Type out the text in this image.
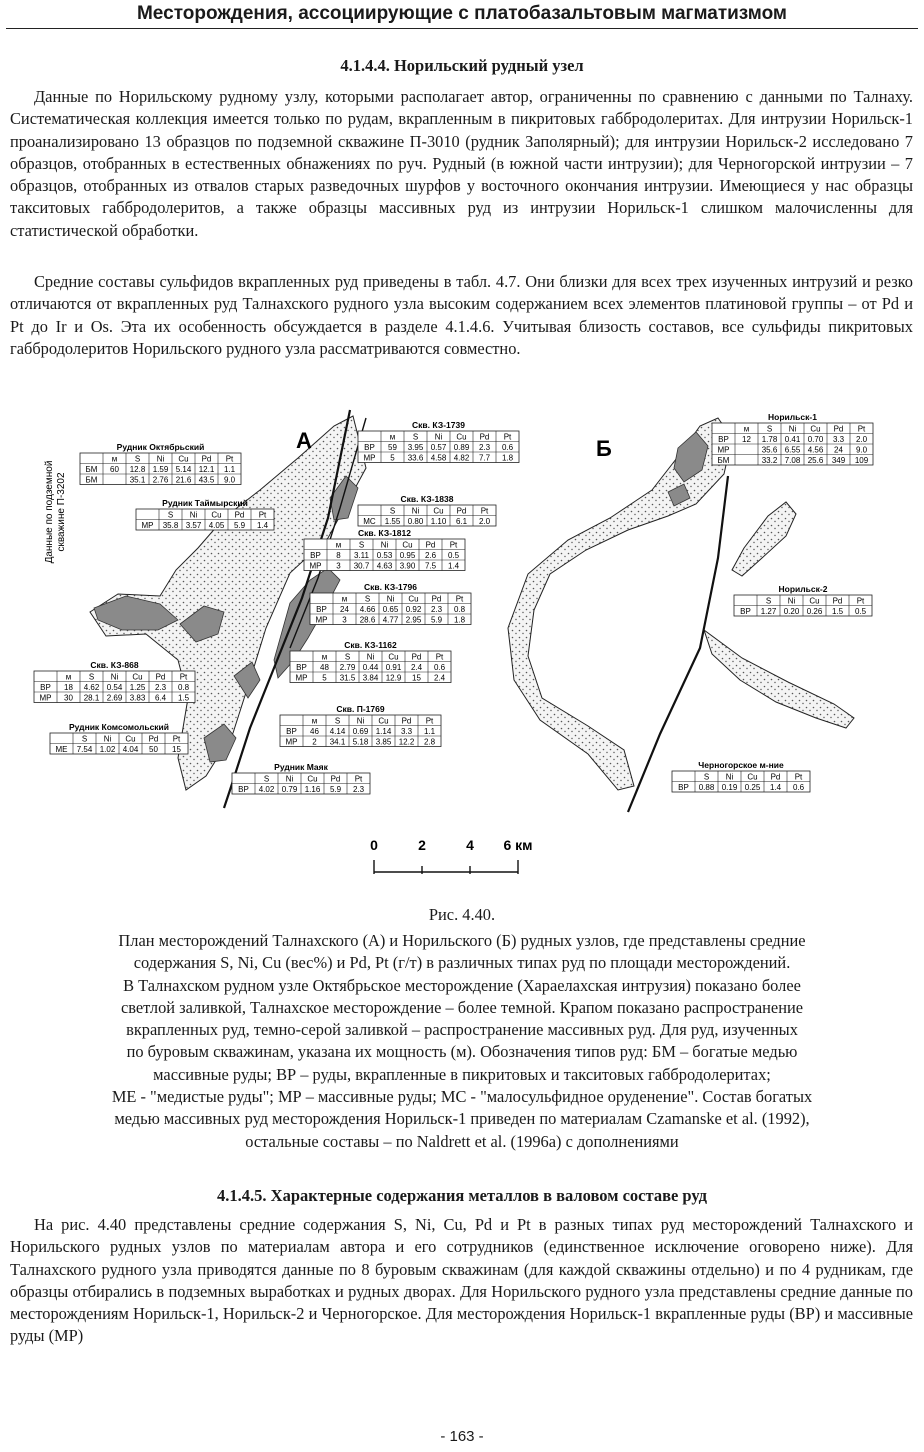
Месторождения, ассоциирующие с платобазальтовым магматизмом
4.1.4.4. Норильский рудный узел

Данные по Норильскому рудному узлу, которыми располагает автор, ограниченны по сравнению с данными по Талнаху. Систематическая коллекция имеется только по рудам, вкрапленным в пикритовых габбродолеритах. Для интрузии Норильск-1 проанализировано 13 образцов по подземной скважине П-3010 (рудник Заполярный); для интрузии Норильск-2 исследовано 7 образцов, отобранных в естественных обнажениях по руч. Рудный (в южной части интрузии); для Черногорской интрузии – 7 образцов, отобранных из отвалов старых разведочных шурфов у восточного окончания интрузии. Имеющиеся у нас образцы такситовых габбродолеритов, а также образцы массивных руд из интрузии Норильск-1 слишком малочисленны для статистической обработки.

Средние составы сульфидов вкрапленных руд приведены в табл. 4.7. Они близки для всех трех изученных интрузий и резко отличаются от вкрапленных руд Талнахского рудного узла высоким содержанием всех элементов платиновой группы – от Pd и Pt до Ir и Os. Эта их особенность обсуждается в разделе 4.1.4.6. Учитывая близость составов, все сульфиды пикритовых габбродолеритов Норильского рудного узла рассматриваются совместно.

0	2	4 6 км
А	Б
Данные по подземной скважине П-3202
Рудник Октябрьский
м S Ni Cu Pd Pt
БМ 60 12.8 1.59 5.14 12.1 1.1
БМ	35.1 2.76 21.6 43.5 9.0
Рудник Таймырский
S Ni Cu Pd Pt
МР 35.8 3.57 4.05 5.9 1.4
Скв. КЗ-1739
м S Ni Cu Pd Pt
ВР 59 3.95 0.57 0.89 2.3 0.6
МР 5 33.6 4.58 4.82 7.7 1.8
Скв. КЗ-1838
S Ni Cu Pd Pt
МС 1.55 0.80 1.10 6.1 2.0
Скв. КЗ-1812
м S Ni Cu Pd Pt
ВР 8 3.11 0.53 0.95 2.6 0.5
МР 3 30.7 4.63 3.90 7.5 1.4
Скв. КЗ-1796
м S Ni Cu Pd Pt
ВР 24 4.66 0.65 0.92 2.3 0.8
МР 3 28.6 4.77 2.95 5.9 1.8
Скв. КЗ-1162
м S Ni Cu Pd Pt
ВР 48 2.79 0.44 0.91 2.4 0.6
МР 5 31.5 3.84 12.9 15 2.4
Скв. КЗ-868
м S Ni Cu Pd Pt
ВР 18 4.62 0.54 1.25 2.3 0.8
МР 30 28.1 2.69 3.83 6.4 1.5
Скв. П-1769
м S Ni Cu Pd Pt
ВР 46 4.14 0.69 1.14 3.3 1.1
МР 2 34.1 5.18 3.85 12.2 2.8
Рудник Комсомольский
S Ni Cu Pd Pt
МЕ 7.54 1.02 4.04 50 15
Рудник Маяк
S Ni Cu Pd Pt
ВР 4.02 0.79 1.16 5.9 2.3
Норильск-1
м S Ni Cu Pd Pt
ВР 12 1.78 0.41 0.70 3.3 2.0
МР	35.6 6.55 4.56 24 9.0
БМ	33.2 7.08 25.6 349 109
Норильск-2
S Ni Cu Pd Pt
ВР 1.27 0.20 0.26 1.5 0.5
Черногорское м-ние
S Ni Cu Pd Pt
ВР 0.88 0.19 0.25 1.4 0.6
Рис. 4.40.
План месторождений Талнахского (А) и Норильского (Б) рудных узлов, где представлены средние
содержания S, Ni, Cu (вес%) и Pd, Pt (г/т) в различных типах руд по площади месторождений.
В Талнахском рудном узле Октябрьское месторождение (Хараелахская интрузия) показано более
светлой заливкой, Талнахское месторождение – более темной. Крапом показано распространение
вкрапленных руд, темно-серой заливкой – распространение массивных руд. Для руд, изученных
по буровым скважинам, указана их мощность (м). Обозначения типов руд: БМ – богатые медью
массивные руды; ВР – руды, вкрапленные в пикритовых и такситовых габбродолеритах;
МЕ - "медистые руды"; МР – массивные руды; МС - "малосульфидное оруденение". Состав богатых
медью массивных руд месторождения Норильск-1 приведен по материалам Czamanske et al. (1992),
остальные составы – по Naldrett et al. (1996a) с дополнениями
4.1.4.5. Характерные содержания металлов в валовом составе руд

На рис. 4.40 представлены средние содержания S, Ni, Cu, Pd и Pt в разных типах руд месторождений Талнахского и Норильского рудных узлов по материалам автора и его сотрудников (единственное исключение оговорено ниже). Для Талнахского рудного узла приводятся данные по 8 буровым скважинам (для каждой скважины отдельно) и по 4 рудникам, где образцы отбирались в подземных выработках и рудных дворах. Для Норильского рудного узла представлены средние данные по месторождениям Норильск-1, Норильск-2 и Черногорское. Для месторождения Норильск-1 вкрапленные руды (ВР) и массивные руды (МР)

- 163 -
